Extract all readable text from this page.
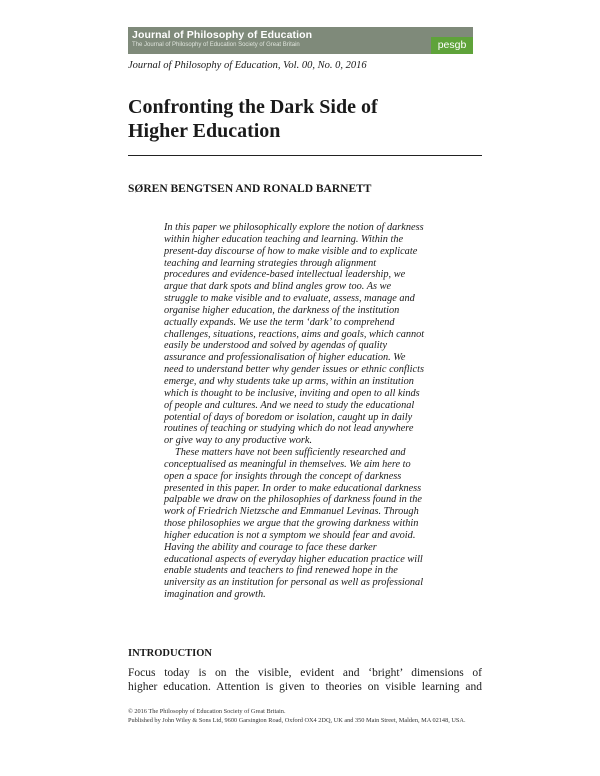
Journal of Philosophy of Education
The Journal of Philosophy of Education Society of Great Britain	pesgb
Journal of Philosophy of Education, Vol. 00, No. 0, 2016
Confronting the Dark Side of
Higher Education
SØREN BENGTSEN AND RONALD BARNETT
In this paper we philosophically explore the notion of darkness
within higher education teaching and learning. Within the
present-day discourse of how to make visible and to explicate
teaching and learning strategies through alignment
procedures and evidence-based intellectual leadership, we
argue that dark spots and blind angles grow too. As we
struggle to make visible and to evaluate, assess, manage and
organise higher education, the darkness of the institution
actually expands. We use the term ‘dark’ to comprehend
challenges, situations, reactions, aims and goals, which cannot
easily be understood and solved by agendas of quality
assurance and professionalisation of higher education. We
need to understand better why gender issues or ethnic conflicts
emerge, and why students take up arms, within an institution
which is thought to be inclusive, inviting and open to all kinds
of people and cultures. And we need to study the educational
potential of days of boredom or isolation, caught up in daily
routines of teaching or studying which do not lead anywhere
or give way to any productive work.
These matters have not been sufficiently researched and
conceptualised as meaningful in themselves. We aim here to
open a space for insights through the concept of darkness
presented in this paper. In order to make educational darkness
palpable we draw on the philosophies of darkness found in the
work of Friedrich Nietzsche and Emmanuel Levinas. Through
those philosophies we argue that the growing darkness within
higher education is not a symptom we should fear and avoid.
Having the ability and courage to face these darker
educational aspects of everyday higher education practice will
enable students and teachers to find renewed hope in the
university as an institution for personal as well as professional
imagination and growth.
INTRODUCTION
Focus today is on the visible, evident and ‘bright’ dimensions of
higher education. Attention is given to theories on visible learning and
© 2016 The Philosophy of Education Society of Great Britain.
Published by John Wiley & Sons Ltd, 9600 Garsington Road, Oxford OX4 2DQ, UK and 350 Main Street, Malden, MA 02148, USA.
